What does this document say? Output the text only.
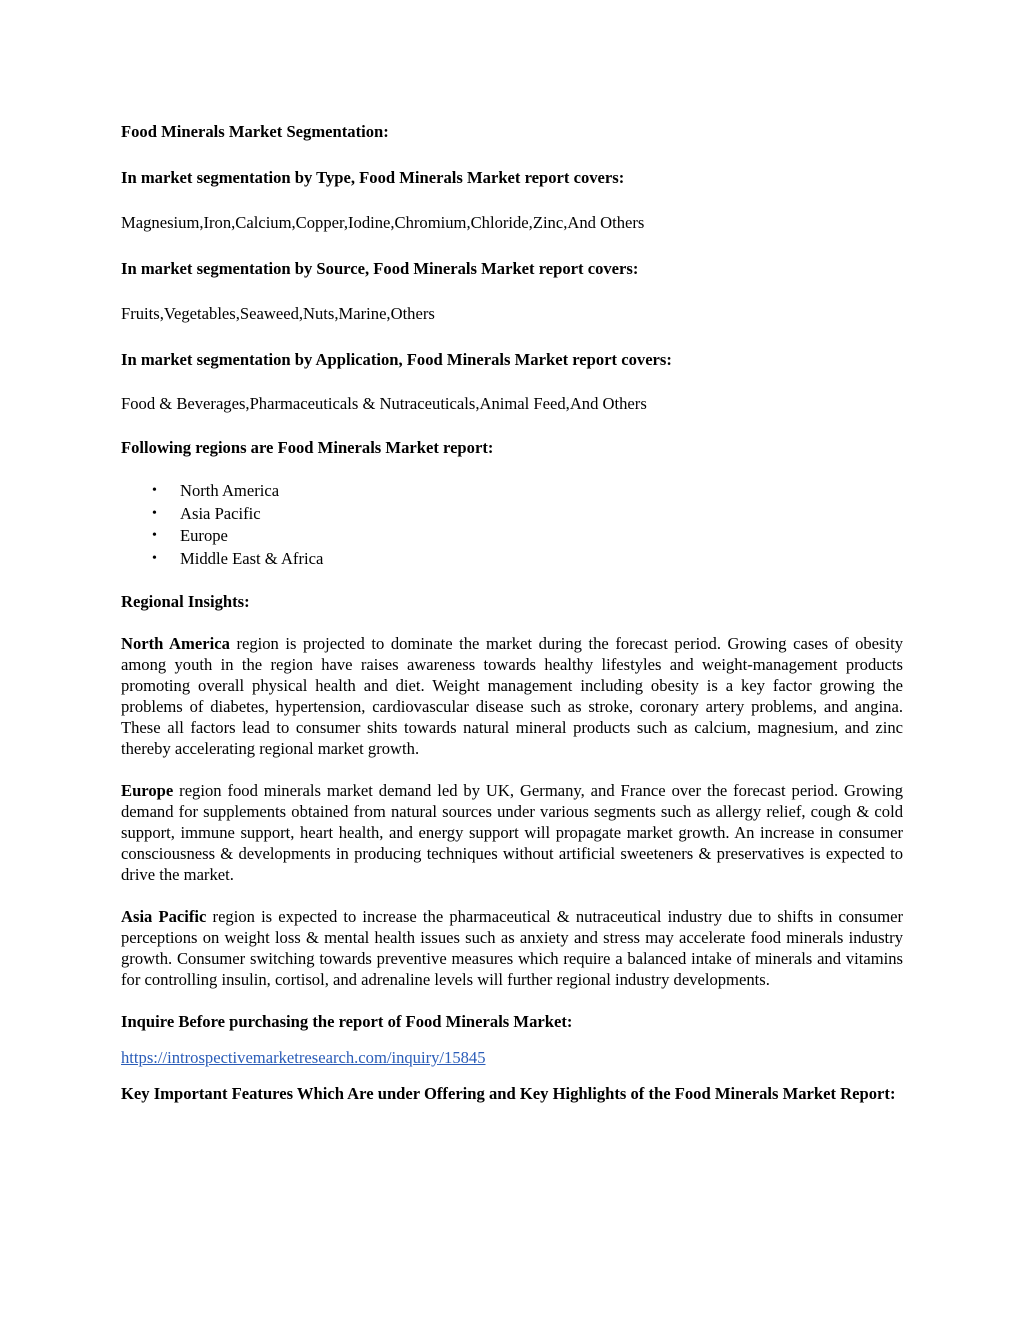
Food Minerals Market Segmentation:

In market segmentation by Type, Food Minerals Market report covers:

Magnesium,Iron,Calcium,Copper,Iodine,Chromium,Chloride,Zinc,And Others

In market segmentation by Source, Food Minerals Market report covers:

Fruits,Vegetables,Seaweed,Nuts,Marine,Others

In market segmentation by Application, Food Minerals Market report covers:

Food & Beverages,Pharmaceuticals & Nutraceuticals,Animal Feed,And Others

Following regions are Food Minerals Market report:

• North America
• Asia Pacific
• Europe
• Middle East & Africa

Regional Insights:

North America region is projected to dominate the market during the forecast period. Growing cases of obesity among youth in the region have raises awareness towards healthy lifestyles and weight-management products promoting overall physical health and diet. Weight management including obesity is a key factor growing the problems of diabetes, hypertension, cardiovascular disease such as stroke, coronary artery problems, and angina. These all factors lead to consumer shits towards natural mineral products such as calcium, magnesium, and zinc thereby accelerating regional market growth.

Europe region food minerals market demand led by UK, Germany, and France over the forecast period. Growing demand for supplements obtained from natural sources under various segments such as allergy relief, cough & cold support, immune support, heart health, and energy support will propagate market growth. An increase in consumer consciousness & developments in producing techniques without artificial sweeteners & preservatives is expected to drive the market.

Asia Pacific region is expected to increase the pharmaceutical & nutraceutical industry due to shifts in consumer perceptions on weight loss & mental health issues such as anxiety and stress may accelerate food minerals industry growth. Consumer switching towards preventive measures which require a balanced intake of minerals and vitamins for controlling insulin, cortisol, and adrenaline levels will further regional industry developments.

Inquire Before purchasing the report of Food Minerals Market:

https://introspectivemarketresearch.com/inquiry/15845

Key Important Features Which Are under Offering and Key Highlights of the Food Minerals Market Report:
